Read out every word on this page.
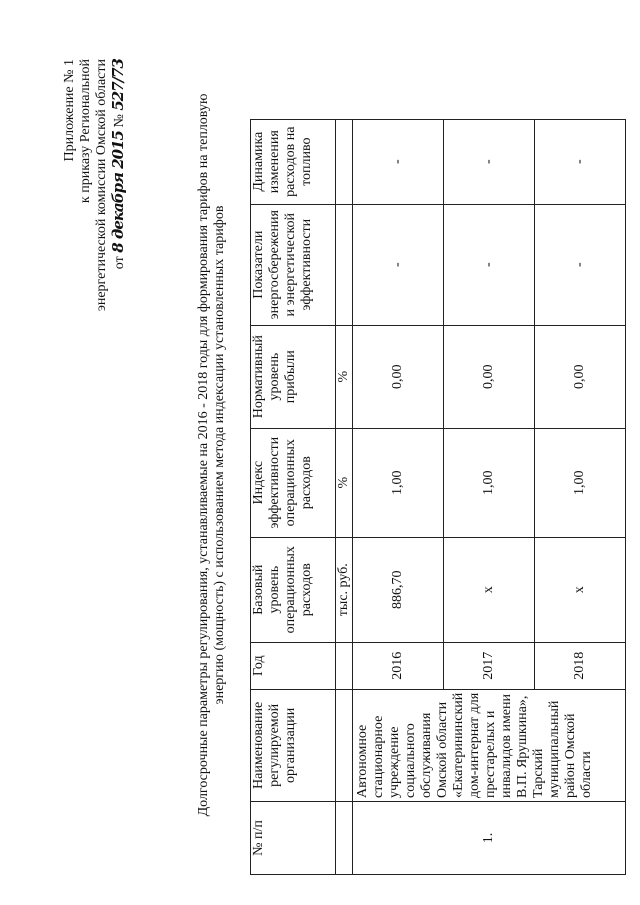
Приложение № 1 к приказу Региональной энергетической комиссии Омской области от 8 декабря 2015 № 527/73
Долгосрочные параметры регулирования, устанавливаемые на 2016 - 2018 годы для формирования тарифов на тепловую энергию (мощность) с использованием метода индексации установленных тарифов
№ п/п	Наименование регулируемой организации	Год	Базовый уровень операционных расходов	Индекс эффективности операционных расходов	Нормативный уровень прибыли	Показатели энергосбережения и энергетической эффективности	Динамика изменения расходов на топливо
			тыс. руб.	%	%		
1.	Автономное стационарное учреждение социального обслуживания Омской области «Екатерининский дом-интернат для престарелых и инвалидов имени В.П. Ярушкина», Тарский муниципальный район Омской области	2016	886,70	1,00	0,00	-	-
		2017	х	1,00	0,00	-	-
		2018	х	1,00	0,00	-	-
